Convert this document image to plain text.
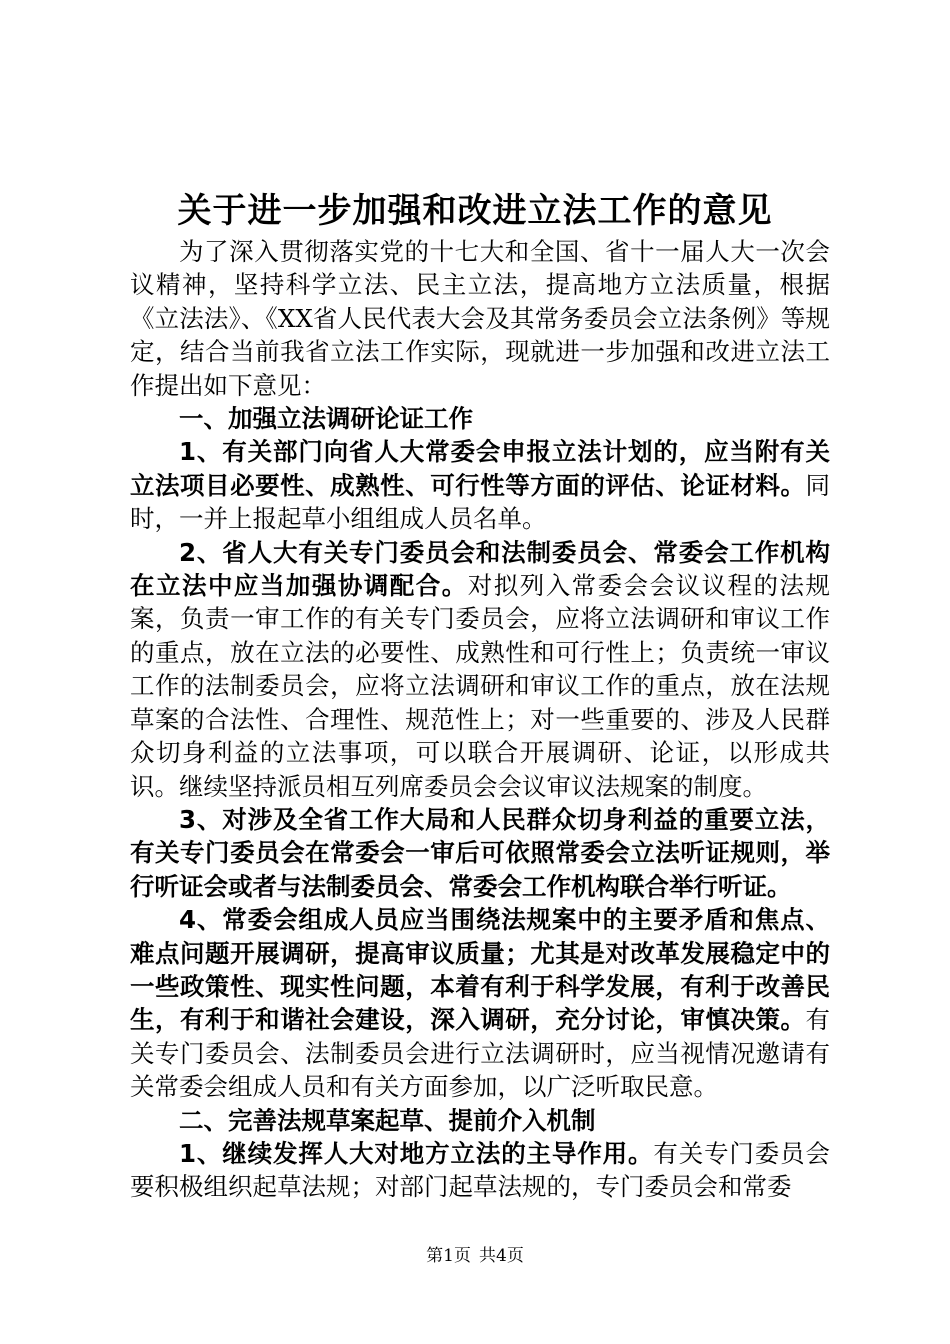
关于进一步加强和改进立法工作的意见

为了深入贯彻落实党的十七大和全国、省十一届人大一次会议精神，坚持科学立法、民主立法，提高地方立法质量，根据《立法法》、《XX省人民代表大会及其常务委员会立法条例》等规定，结合当前我省立法工作实际，现就进一步加强和改进立法工作提出如下意见：

一、加强立法调研论证工作

1、有关部门向省人大常委会申报立法计划的，应当附有关立法项目必要性、成熟性、可行性等方面的评估、论证材料。同时，一并上报起草小组组成人员名单。

2、省人大有关专门委员会和法制委员会、常委会工作机构在立法中应当加强协调配合。对拟列入常委会会议议程的法规案，负责一审工作的有关专门委员会，应将立法调研和审议工作的重点，放在立法的必要性、成熟性和可行性上；负责统一审议工作的法制委员会，应将立法调研和审议工作的重点，放在法规草案的合法性、合理性、规范性上；对一些重要的、涉及人民群众切身利益的立法事项，可以联合开展调研、论证，以形成共识。继续坚持派员相互列席委员会会议审议法规案的制度。

3、对涉及全省工作大局和人民群众切身利益的重要立法，有关专门委员会在常委会一审后可依照常委会立法听证规则，举行听证会或者与法制委员会、常委会工作机构联合举行听证。

4、常委会组成人员应当围绕法规案中的主要矛盾和焦点、难点问题开展调研，提高审议质量；尤其是对改革发展稳定中的一些政策性、现实性问题，本着有利于科学发展，有利于改善民生，有利于和谐社会建设，深入调研，充分讨论，审慎决策。有关专门委员会、法制委员会进行立法调研时，应当视情况邀请有关常委会组成人员和有关方面参加，以广泛听取民意。

二、完善法规草案起草、提前介入机制

1、继续发挥人大对地方立法的主导作用。有关专门委员会要积极组织起草法规；对部门起草法规的，专门委员会和常委

第1页 共4页
